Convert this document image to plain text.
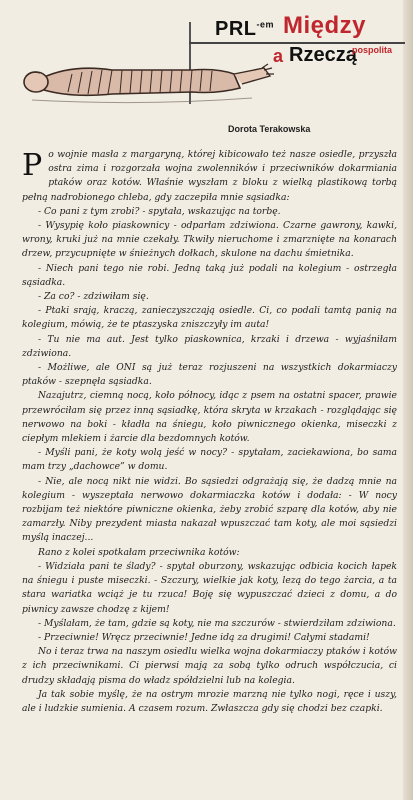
$PRL^{-em}$ Między
a Rzeczą
pospolita
Dorota Terakowska

Po wojnie masła z margaryną, której kibicowało też nasze osiedle, przyszła ostra zima i rozgorzała wojna zwolenników i przeciwników dokarmiania ptaków oraz kotów. Właśnie wyszłam z bloku z wielką plastikową torbą pełną nadrobionego chleba, gdy zaczepiła mnie sąsiadka:

- Co pani z tym zrobi? - spytała, wskazując na torbę.

- Wysypię koło piaskownicy - odparłam zdziwiona. Czarne gawrony, kawki, wrony, kruki już na mnie czekały. Tkwiły nieruchome i zmarznięte na konarach drzew, przycupnięte w śnieżnych dołkach, skulone na dachu śmietnika.

- Niech pani tego nie robi. Jedną taką już podali na kolegium - ostrzegła sąsiadka.

- Za co? - zdziwiłam się.

- Ptaki srają, kraczą, zanieczyszczają osiedle. Ci, co podali tamtą panią na kolegium, mówią, że te ptaszyska zniszczyły im auta!

- Tu nie ma aut. Jest tylko piaskownica, krzaki i drzewa - wyjaśniłam zdziwiona.

- Możliwe, ale ONI są już teraz rozjuszeni na wszystkich dokarmiaczy ptaków - szepnęła sąsiadka.

Nazajutrz, ciemną nocą, koło północy, idąc z psem na ostatni spacer, prawie przewróciłam się przez inną sąsiadkę, która skryta w krzakach - rozglądając się nerwowo na boki - kładła na śniegu, koło piwnicznego okienka, miseczki z ciepłym mlekiem i żarcie dla bezdomnych kotów.

- Myśli pani, że koty wolą jeść w nocy? - spytałam, zaciekawiona, bo sama mam trzy „dachowce” w domu.

- Nie, ale nocą nikt nie widzi. Bo sąsiedzi odgrażają się, że dadzą mnie na kolegium - wyszeptała nerwowo dokarmiaczka kotów i dodała: - W nocy rozbijam też niektóre piwniczne okienka, żeby zrobić szparę dla kotów, aby nie zamarzły. Niby prezydent miasta nakazał wpuszczać tam koty, ale moi sąsiedzi myślą inaczej...

Rano z kolei spotkałam przeciwnika kotów:

- Widziała pani te ślady? - spytał oburzony, wskazując odbicia kocich łapek na śniegu i puste miseczki. - Szczury, wielkie jak koty, lezą do tego żarcia, a ta stara wariatka wciąż je tu rzuca! Boję się wypuszczać dzieci z domu, a do piwnicy zawsze chodzę z kijem!

- Myślałam, że tam, gdzie są koty, nie ma szczurów - stwierdziłam zdziwiona.

- Przeciwnie! Wręcz przeciwnie! Jedne idą za drugimi! Całymi stadami!

No i teraz trwa na naszym osiedlu wielka wojna dokarmiaczy ptaków i kotów z ich przeciwnikami. Ci pierwsi mają za sobą tylko odruch współczucia, ci drudzy składają pisma do władz spółdzielni lub na kolegia.

Ja tak sobie myślę, że na ostrym mrozie marzną nie tylko nogi, ręce i uszy, ale i ludzkie sumienia. A czasem rozum. Zwłaszcza gdy się chodzi bez czapki.
